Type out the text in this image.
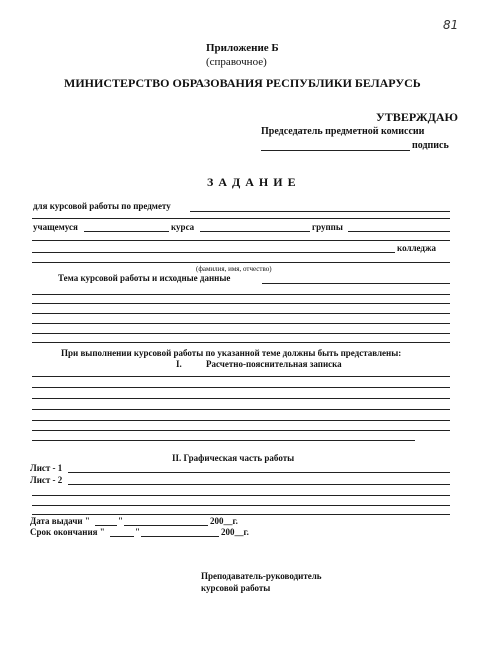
81
Приложение Б
(справочное)
МИНИСТЕРСТВО ОБРАЗОВАНИЯ РЕСПУБЛИКИ БЕЛАРУСЬ
УТВЕРЖДАЮ
Председатель предметной комиссии
подпись
З А Д А Н И Е
для курсовой работы по предмету
учащемуся	курса	группы
колледжа
(фамилия, имя, отчество)
Тема курсовой работы и исходные данные
При выполнении курсовой работы по указанной теме должны быть представлены:
I.	Расчетно-пояснительная записка
II. Графическая часть работы
Лист - 1
Лист - 2
Дата выдачи "	"	200__г.
Срок окончания "	"	200__г.
Преподаватель-руководитель
курсовой работы
